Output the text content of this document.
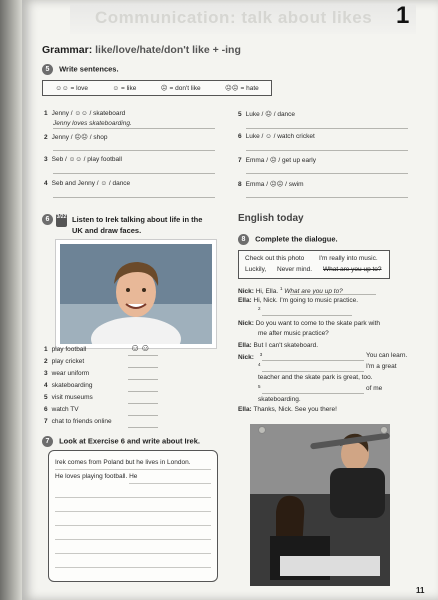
Communication: talk about likes 1
Grammar: like/love/hate/don't like + -ing
5 Write sentences.
☺☺ = love	☺ = like	☹ = don't like	☹☹ = hate
1 Jenny / ☺☺ / skateboard
Jenny loves skateboarding.
2 Jenny / ☹☹ / shop
3 Seb / ☺☺ / play football
4 Seb and Jenny / ☺ / dance
5 Luke / ☹ / dance
6 Luke / ☺ / watch cricket
7 Emma / ☹ / get up early
8 Emma / ☹☹ / swim
6	3/22 Listen to Irek talking about life in the
UK and draw faces.
1 play football	☺☺
2 play cricket
3 wear uniform
4 skateboarding
5 visit museums
6 watch TV
7 chat to friends online
7 Look at Exercise 6 and write about Irek.
Irek comes from Poland but he lives in London.
He loves playing football. He
English today
8 Complete the dialogue.
Check out this photo I'm really into music.
Luckily, Never mind. What are you up to?
Nick: Hi, Ella. $^1$ What are you up to?
Ella: Hi, Nick. I'm going to music practice.
$^2$
Nick: Do you want to come to the skate park with
me after music practice?
Ella: But I can't skateboard.
Nick: $^3$	You can learn.
$^4$	I'm a great
teacher and the skate park is great, too.
$^5$	of me
skateboarding.
Ella: Thanks, Nick. See you there!
11
